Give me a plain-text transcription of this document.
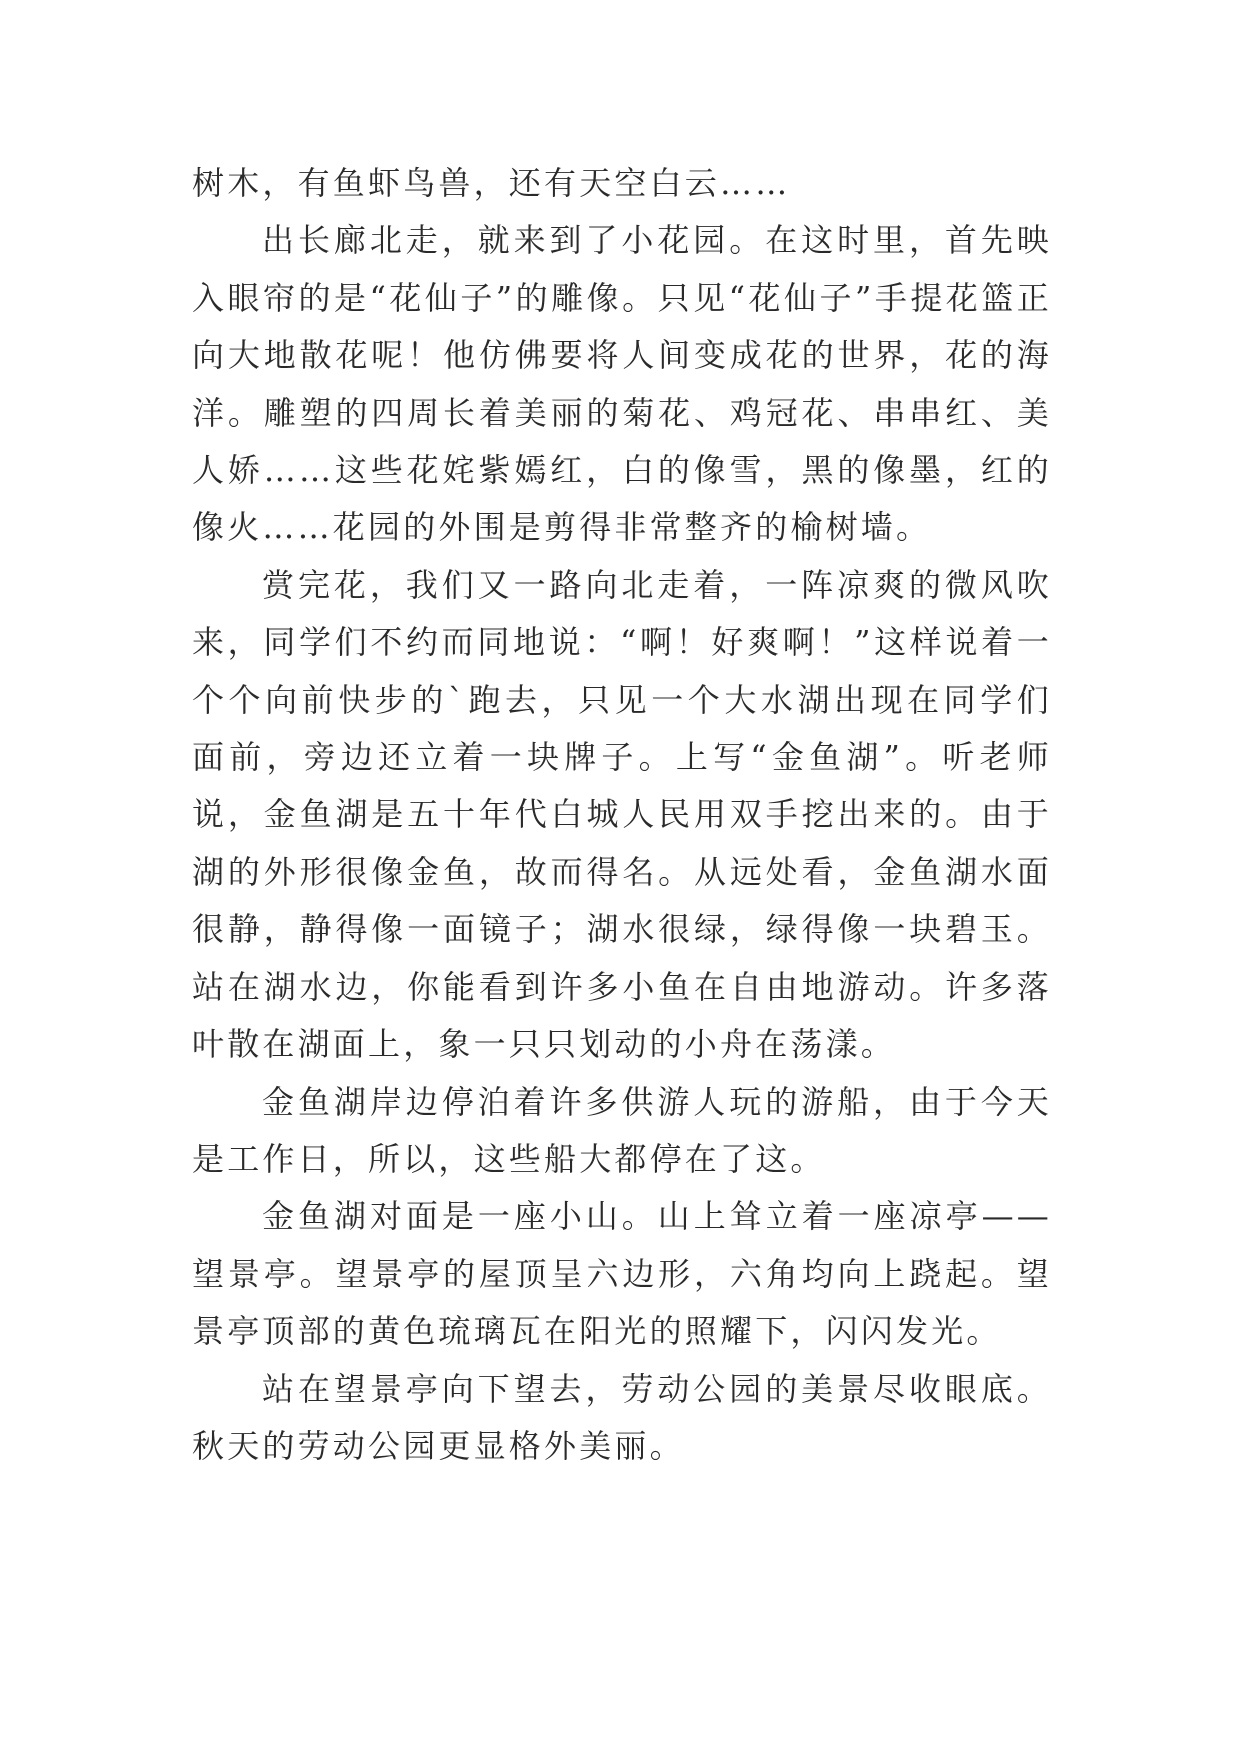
树木，有鱼虾鸟兽，还有天空白云……

出长廊北走，就来到了小花园。在这时里，首先映入眼帘的是“花仙子”的雕像。只见“花仙子”手提花篮正向大地散花呢！他仿佛要将人间变成花的世界，花的海洋。雕塑的四周长着美丽的菊花、鸡冠花、串串红、美人娇……这些花姹紫嫣红，白的像雪，黑的像墨，红的像火……花园的外围是剪得非常整齐的榆树墙。

赏完花，我们又一路向北走着，一阵凉爽的微风吹来，同学们不约而同地说：“啊！好爽啊！”这样说着一个个向前快步的`跑去，只见一个大水湖出现在同学们面前，旁边还立着一块牌子。上写“金鱼湖”。听老师说，金鱼湖是五十年代白城人民用双手挖出来的。由于湖的外形很像金鱼，故而得名。从远处看，金鱼湖水面很静，静得像一面镜子；湖水很绿，绿得像一块碧玉。站在湖水边，你能看到许多小鱼在自由地游动。许多落叶散在湖面上，象一只只划动的小舟在荡漾。

金鱼湖岸边停泊着许多供游人玩的游船，由于今天是工作日，所以，这些船大都停在了这。

金鱼湖对面是一座小山。山上耸立着一座凉亭——望景亭。望景亭的屋顶呈六边形，六角均向上跷起。望景亭顶部的黄色琉璃瓦在阳光的照耀下，闪闪发光。

站在望景亭向下望去，劳动公园的美景尽收眼底。秋天的劳动公园更显格外美丽。
